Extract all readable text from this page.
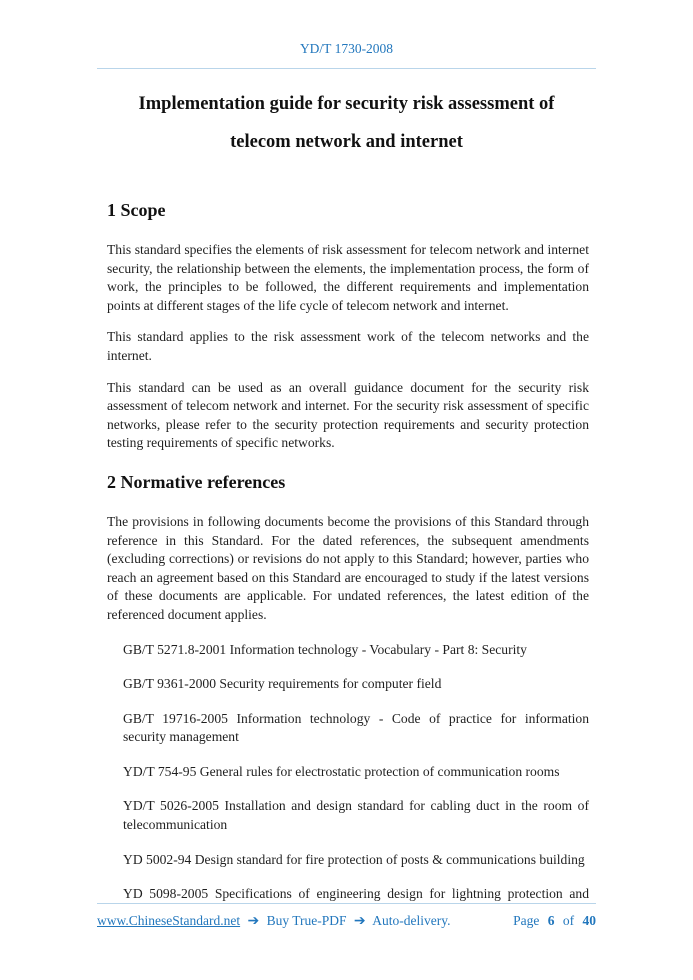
YD/T 1730-2008
Implementation guide for security risk assessment of
telecom network and internet
1 Scope

This standard specifies the elements of risk assessment for telecom network and internet security, the relationship between the elements, the implementation process, the form of work, the principles to be followed, the different requirements and implementation points at different stages of the life cycle of telecom network and internet.

This standard applies to the risk assessment work of the telecom networks and the internet.

This standard can be used as an overall guidance document for the security risk assessment of telecom network and internet. For the security risk assessment of specific networks, please refer to the security protection requirements and security protection testing requirements of specific networks.

2 Normative references

The provisions in following documents become the provisions of this Standard through reference in this Standard. For the dated references, the subsequent amendments (excluding corrections) or revisions do not apply to this Standard; however, parties who reach an agreement based on this Standard are encouraged to study if the latest versions of these documents are applicable. For undated references, the latest edition of the referenced document applies.

GB/T 5271.8-2001 Information technology - Vocabulary - Part 8: Security

GB/T 9361-2000 Security requirements for computer field

GB/T 19716-2005 Information technology - Code of practice for information security management

YD/T 754-95 General rules for electrostatic protection of communication rooms

YD/T 5026-2005 Installation and design standard for cabling duct in the room of telecommunication

YD 5002-94 Design standard for fire protection of posts & communications building

YD 5098-2005 Specifications of engineering design for lightning protection and

www.ChineseStandard.net ➔ Buy True-PDF ➔ Auto-delivery.	Page 6 of 40
